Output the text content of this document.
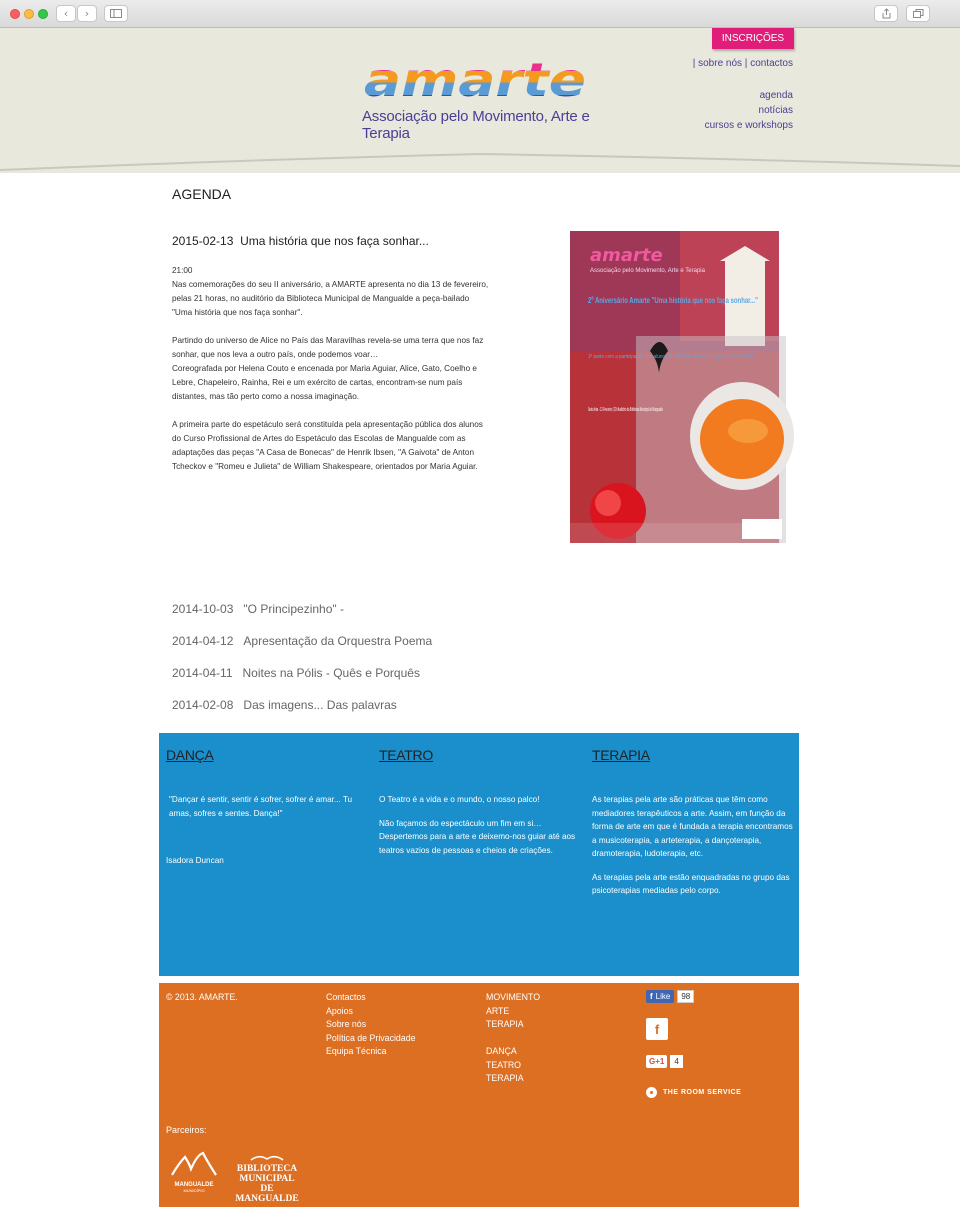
‹	›
INSCRIÇÕES
| sobre nós | contactos
agenda
notícias
cursos e workshops
amarte
Associação pelo Movimento, Arte e Terapia
AGENDA
2015-02-13 Uma história que nos faça sonhar...
21:00

Nas comemorações do seu II aniversário, a AMARTE apresenta no dia 13 de fevereiro, pelas 21 horas, no auditório da Biblioteca Municipal de Mangualde a peça-bailado "Uma história que nos faça sonhar".

Partindo do universo de Alice no País das Maravilhas revela-se uma terra que nos faz sonhar, que nos leva a outro país, onde podemos voar…
Coreografada por Helena Couto e encenada por Maria Aguiar, Alice, Gato, Coelho e Lebre, Chapeleiro, Rainha, Rei e um exército de cartas, encontram-se num país distantes, mas tão perto como a nossa imaginação.

A primeira parte do espetáculo será constituída pela apresentação pública dos alunos do Curso Profissional de Artes do Espetáculo das Escolas de Mangualde com as adaptações das peças "A Casa de Bonecas" de Henrik Ibsen, "A Gaivota" de Anton Tcheckov e "Romeu e Julieta" de William Shakespeare, orientados por Maria Aguiar.

amarte
Associação pelo Movimento, Arte e Terapia
2º Aniversário Amarte "Uma história que nos faça sonhar..."
1ª parte com a participação dos alunos do 10º Ano - Artes do espetáculo da ESM
Sexta feira - 13 Fevereiro | 21h Auditório da Biblioteca Municipal de Mangualde
2014-10-03 "O Principezinho" -
2014-04-12 Apresentação da Orquestra Poema
2014-04-11 Noites na Pólis - Quês e Porquês
2014-02-08 Das imagens... Das palavras
DANÇA

"Dançar é sentir, sentir é sofrer, sofrer é amar... Tu amas, sofres e sentes. Dança!"

Isadora Duncan

TEATRO

O Teatro é a vida e o mundo, o nosso palco!

Não façamos do espectáculo um fim em si…Despertemos para a arte e deixemo-nos guiar até aos teatros vazios de pessoas e cheios de criações.

TERAPIA

As terapias pela arte são práticas que têm como mediadores terapêuticos a arte. Assim, em função da forma de arte em que é fundada a terapia encontramos a musicoterapia, a arteterapia, a dançoterapia, dramoterapia, ludoterapia, etc.

As terapias pela arte estão enquadradas no grupo das psicoterapias mediadas pelo corpo.

© 2013. AMARTE.	Contactos
Apoios
Sobre nós
Política de Privacidade
Equipa Técnica
MOVIMENTO
ARTE
TERAPIA
DANÇA
TEATRO
TERAPIA
f Like	98
f
G+1	4
THE ROOM SERVICE
Parceiros:
MANGUALDE
MUNICÍPIO
BIBLIOTECA
MUNICIPAL DE
MANGUALDE
